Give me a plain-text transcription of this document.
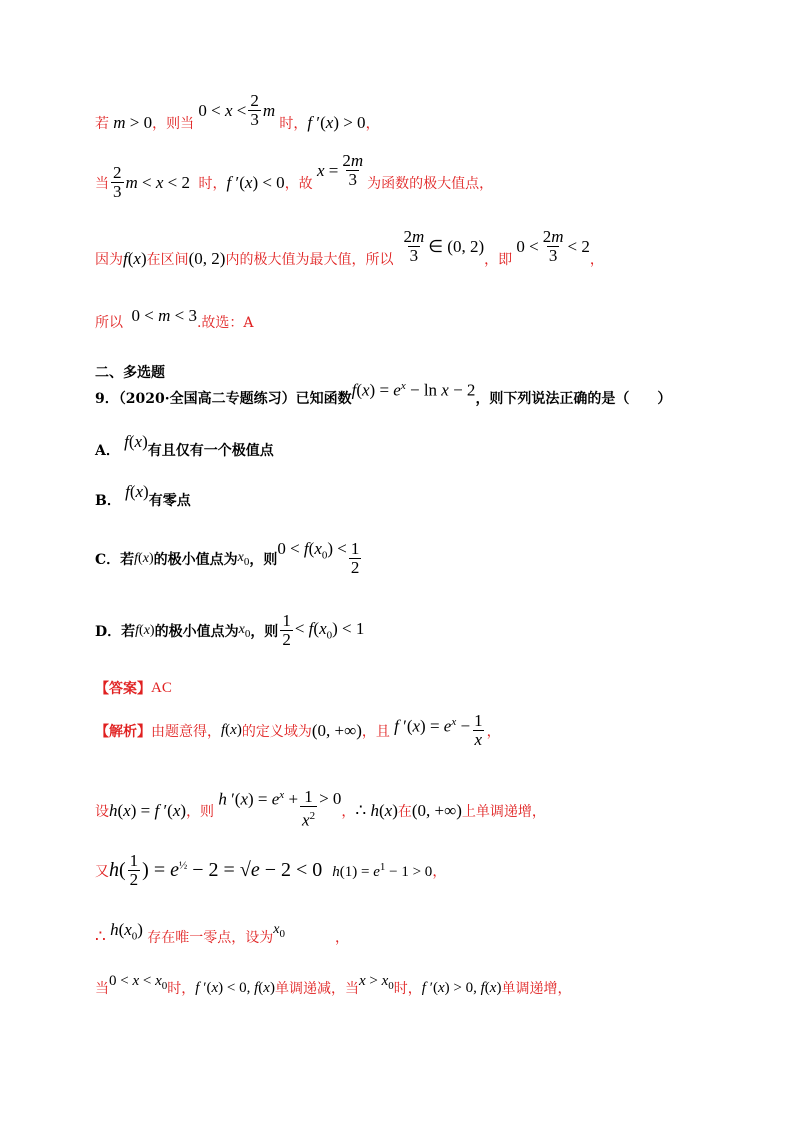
若 m > 0 ，则当
$0 < x < \frac{2}{3}$ m
时， f ′(x) > 0 ，
当 $\frac{2}{3}$ m < x < 2 时， f ′(x) < 0 ，故
$x = \frac{2m}{3}$ 为函数的极大值点，
因为 f(x) 在区间 (0, 2) 内的极大值为最大值，所以 $\frac{2m}{3}$ ∈ (0, 2)
，即
$0 < \frac{2m}{3} < 2$
，
所以 0 < m < 3 .故选：A
二、多选题
9．（2020·全国高二专题练习）已知函数 $f(x) = e^x - \ln x - 2$ ，则下列说法正确的是（　　）
A． f(x) 有且仅有一个极值点
B． f(x) 有零点
C． 若 f(x) 的极小值点为 $x_0$ ，则
$0 < f(x_0) < \frac{1}{2}$
D． 若 f(x) 的极小值点为 $x_0$ ，则 $\frac{1}{2} < f(x_0) < 1$
【答案】 AC
【解析】 由题意得， f(x) 的定义域为 (0, +∞) ，且 f $'(x) = e^x - \frac{1}{x}$ ，
设 h(x) = f ′(x) ，则
h $'(x) = e^x + \frac{1}{x^2} > 0$
， ∴ h(x) 在 (0, +∞) 上单调递增，
又 $h( \frac{1}{2}$ ) = $e^{\frac{1}{2}} - 2 = √e - 2 < 0$ $h(1) = e^1 - 1 > 0$ ，
∴ $h(x_0)$ 存在唯一零点，设为
$x_0$	，
当
$0 < x < x_0$ 时， f ′(x) < 0, f(x) 单调递减，当
$x > x_0$ 时， f ′(x) > 0, f(x) 单调递增，
